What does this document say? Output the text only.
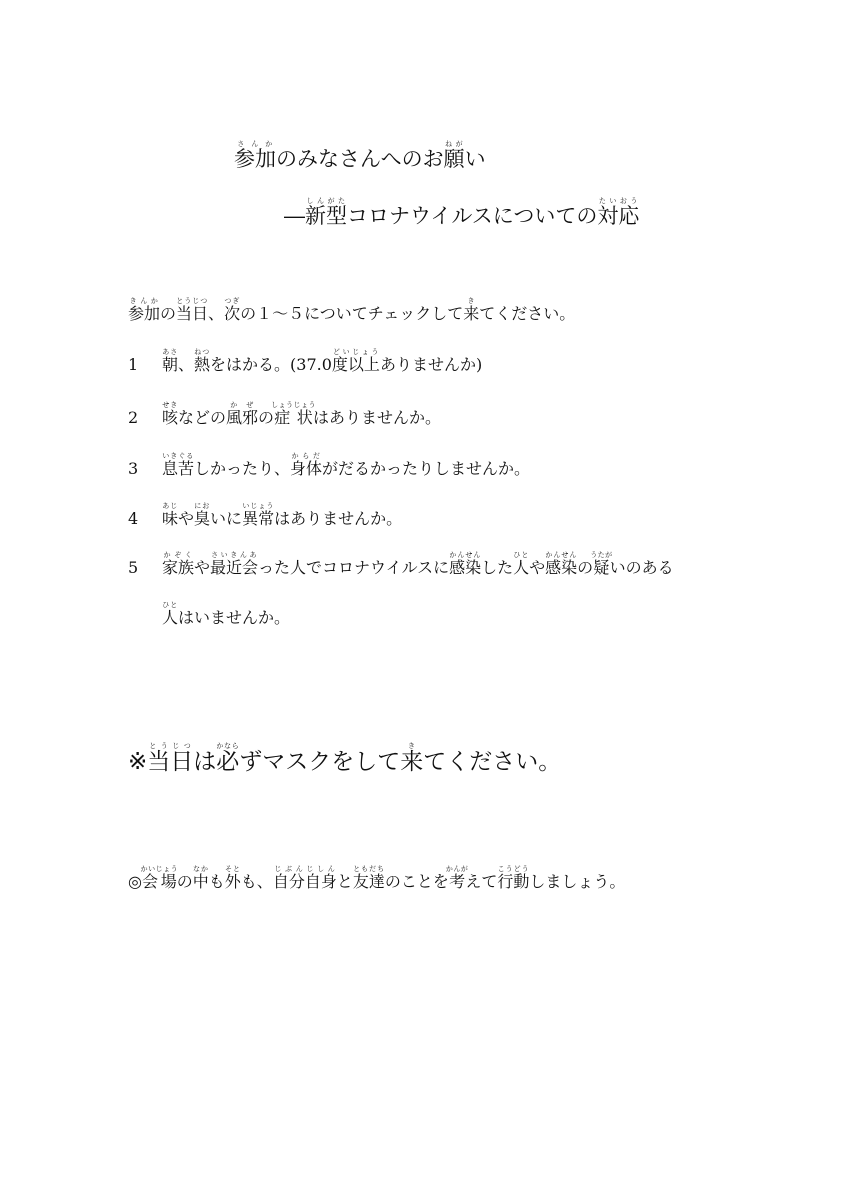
参加さんかのみなさんへのお願ねがい
―新型しんがたコロナウイルスについての対応たいおう
参加きんかの当日とうじつ、次つぎの１～５についてチェックして来きてください。
1 朝あさ、熱ねつをはかる。(37.0度以上どいじょうありませんか)
2 咳せきなどの風邪かぜの症状しょうじょうはありませんか。
3 息苦いきぐるしかったり、身体からだがだるかったりしませんか。
4 味あじや臭においに異常いじょうはありませんか。
5 家族かぞくや最近会さいきんあった人でコロナウイルスに感染かんせんした人ひとや感染かんせんの疑うたがいのある
人ひとはいませんか。
※当日とうじつは必かならずマスクをして来きてください。
◎会場かいじょうの中なかも外そとも、自分自身じぶんじしんと友達ともだちのことを考かんがえて行動こうどうしましょう。
